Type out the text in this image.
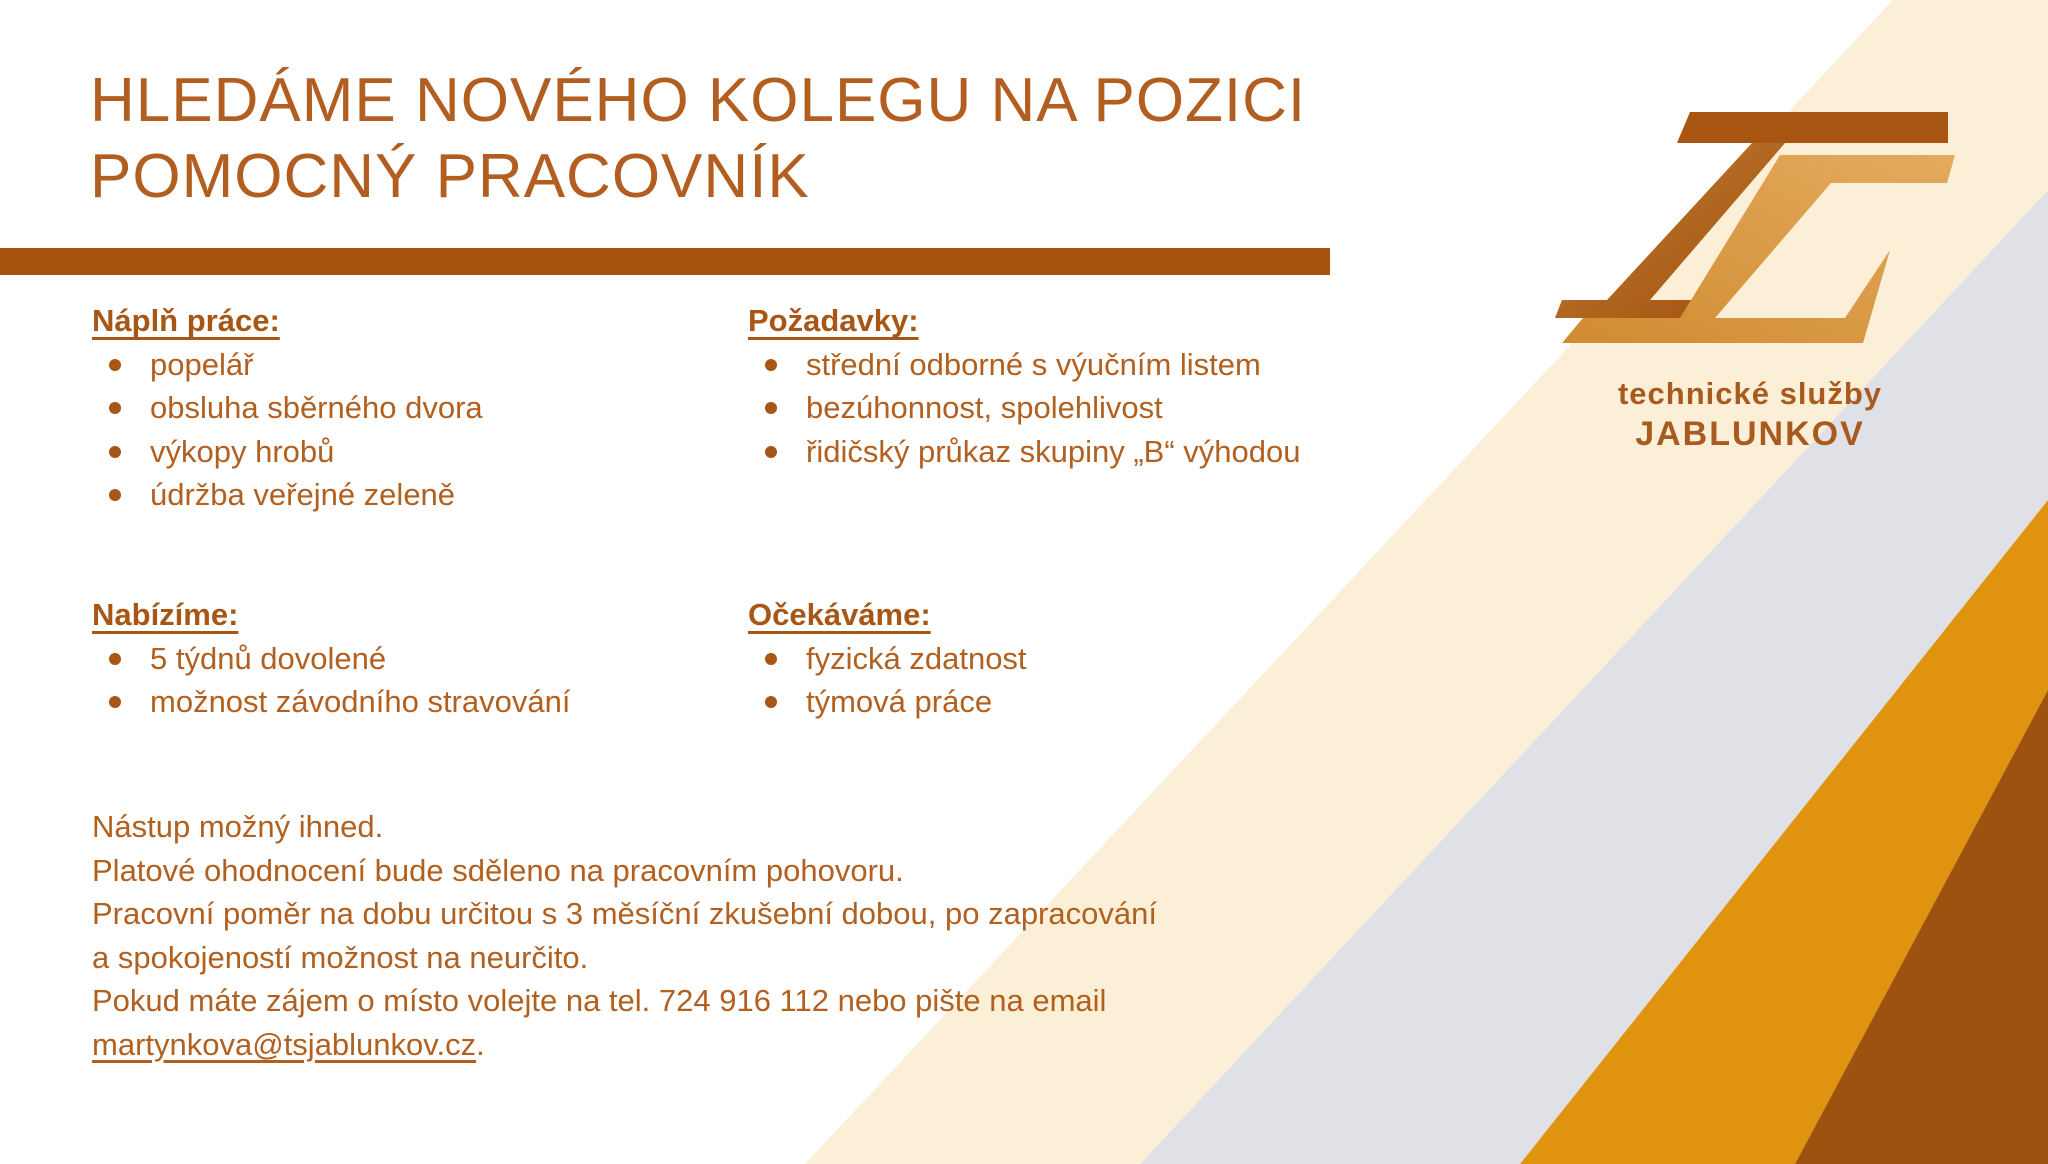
HLEDÁME NOVÉHO KOLEGU NA POZICI
POMOCNÝ PRACOVNÍK
Náplň práce:
popelář
obsluha sběrného dvora
výkopy hrobů
údržba veřejné zeleně
Požadavky:
střední odborné s výučním listem
bezúhonnost, spolehlivost
řidičský průkaz skupiny „B“ výhodou
Nabízíme:
5 týdnů dovolené
možnost závodního stravování
Očekáváme:
fyzická zdatnost
týmová práce
Nástup možný ihned.
Platové ohodnocení bude sděleno na pracovním pohovoru.
Pracovní poměr na dobu určitou s 3 měsíční zkušební dobou, po zapracování
a spokojeností možnost na neurčito.
Pokud máte zájem o místo volejte na tel. 724 916 112 nebo pište na email
martynkova@tsjablunkov.cz.
technické služby
JABLUNKOV
